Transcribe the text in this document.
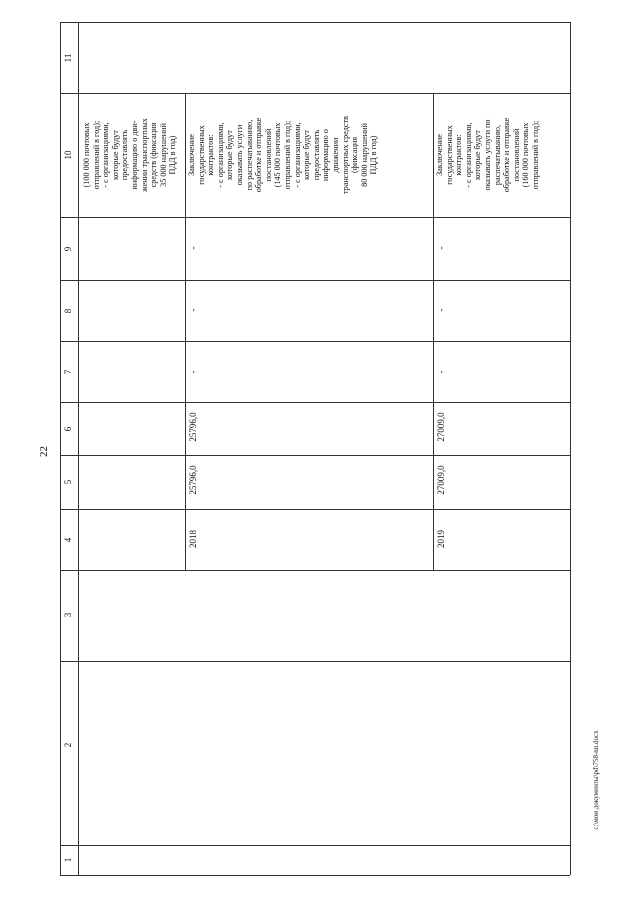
22
1
2
3
4
5
6
7
8
9
10
11
2018
25796,0
25796,0
-
-
-
2019
27009,0
27009,0
-
-
-
(100 000 почтовых
отправлений в год);
- с организациями,
которые будут
предоставлять
информацию о дви-
жении транспортных
средств (фиксация
35 000 нарушений
ПДД в год) Заключение
государственных
контрактов:
- с организациями,
которые будут
оказывать услуги
по распечатыванию,
обработке и отправке
постановлений
(145 000 почтовых
отправлений в год);
- с организациями,
которые будут
предоставлять
информацию о
движении
транспортных средств
(фиксация
80 000 нарушений
ПДД в год)	Заключение
государственных
контрактов:
- с организациями,
которые будут
оказывать услуги по
распечатыванию,
обработке и отправке
постановлений
(160 000 почтовых
отправлений в год);
c:\мои документы\pd\758-nn.docx
